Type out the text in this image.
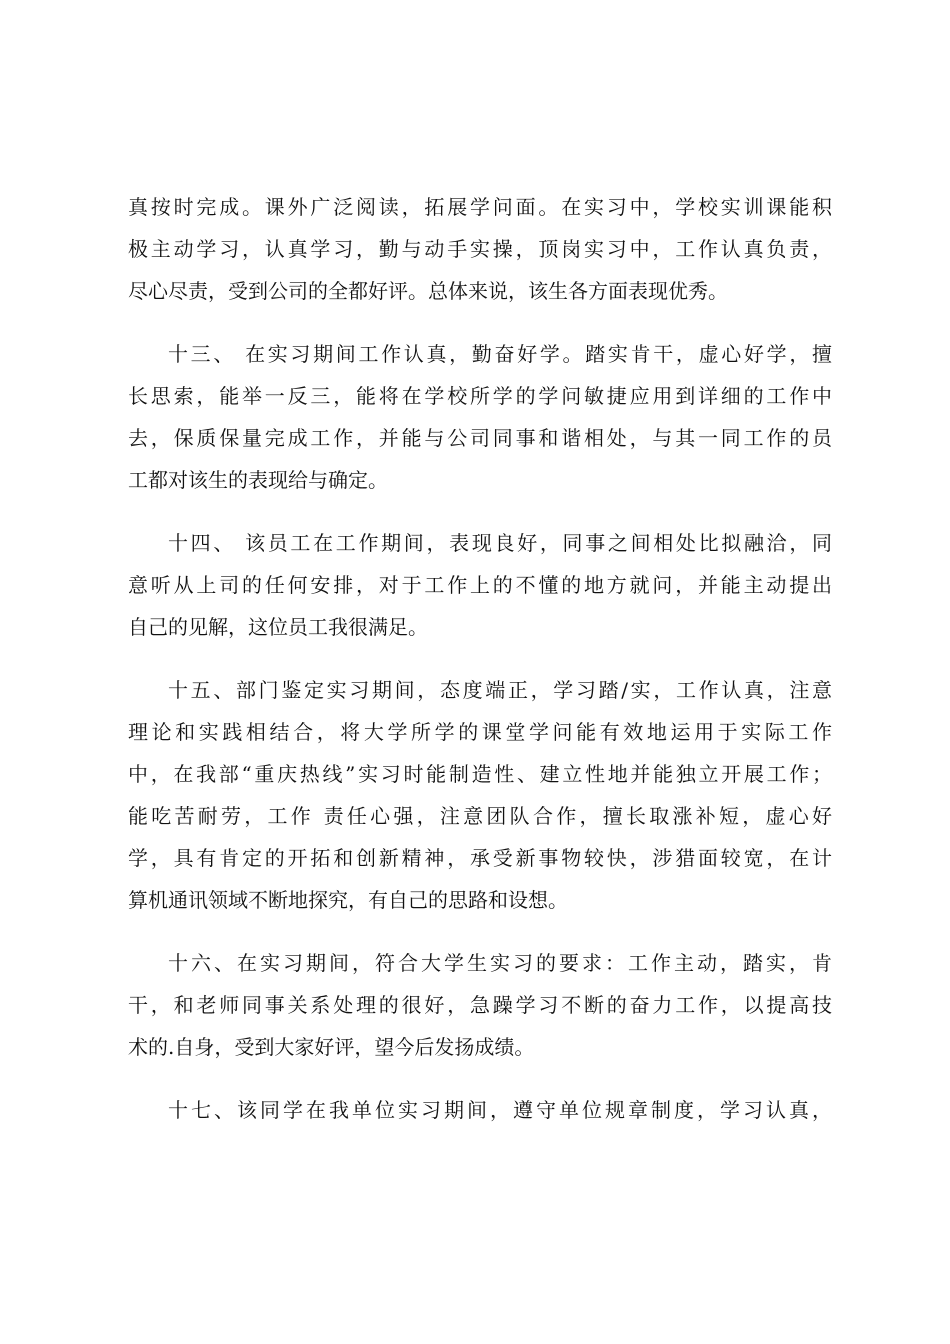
真按时完成。课外广泛阅读，拓展学问面。在实习中，学校实训课能积
极主动学习，认真学习，勤与动手实操，顶岗实习中，工作认真负责，
尽心尽责，受到公司的全都好评。总体来说，该生各方面表现优秀。
十三、 在实习期间工作认真，勤奋好学。踏实肯干，虚心好学，擅
长思索，能举一反三，能将在学校所学的学问敏捷应用到详细的工作中
去，保质保量完成工作，并能与公司同事和谐相处，与其一同工作的员
工都对该生的表现给与确定。
十四、 该员工在工作期间，表现良好，同事之间相处比拟融洽，同
意听从上司的任何安排，对于工作上的不懂的地方就问，并能主动提出
自己的见解，这位员工我很满足。
十五、部门鉴定实习期间，态度端正，学习踏/实，工作认真，注意
理论和实践相结合，将大学所学的课堂学问能有效地运用于实际工作
中，在我部“重庆热线”实习时能制造性、建立性地并能独立开展工作；
能吃苦耐劳，工作 责任心强，注意团队合作，擅长取涨补短，虚心好
学，具有肯定的开拓和创新精神，承受新事物较快，涉猎面较宽，在计
算机通讯领域不断地探究，有自己的思路和设想。
十六、在实习期间，符合大学生实习的要求：工作主动，踏实，肯
干，和老师同事关系处理的很好，急躁学习不断的奋力工作，以提高技
术的.自身，受到大家好评，望今后发扬成绩。
十七、该同学在我单位实习期间，遵守单位规章制度，学习认真，
